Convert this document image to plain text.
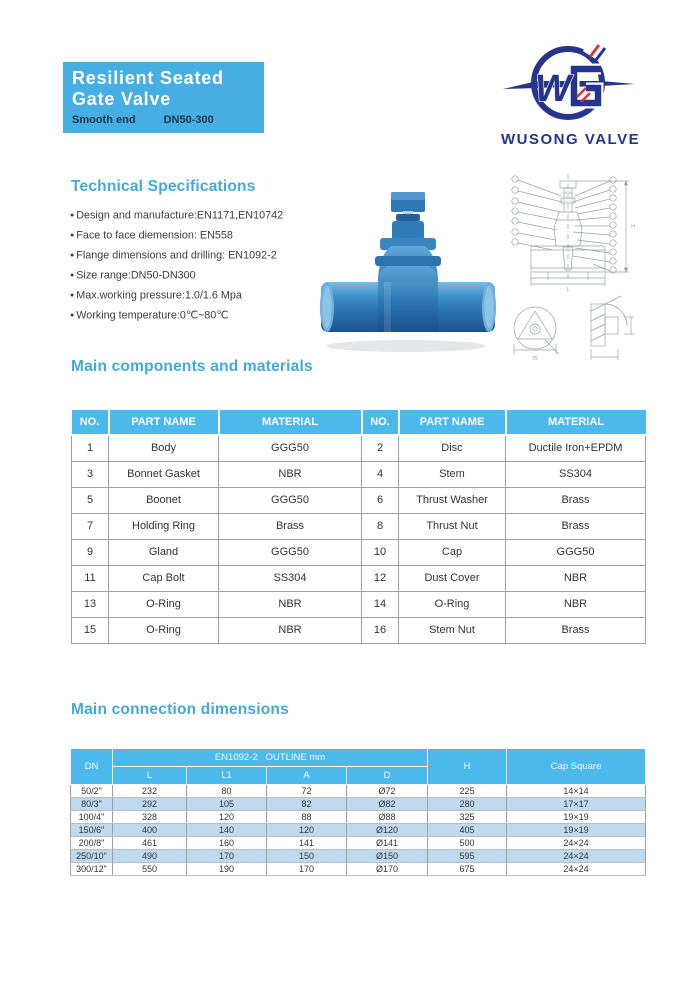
Resilient Seated
Gate Valve
Smooth end	DN50-300
W
WUSONG VALVE
Technical Specifications
● Design and manufacture:EN1171,EN10742
● Face to face diemension: EN558
● Flange dimensions and drilling: EN1092-2
● Size range:DN50-DN300
● Max.working pressure:1.0/1.6 Mpa
● Working temperature:0℃~80℃
L
H
75
Main components and materials
NO.	PART NAME	MATERIAL	NO.	PART NAME	MATERIAL
1	Body	GGG50	2	Disc	Ductile Iron+EPDM
3	Bonnet Gasket	NBR	4	Stem	SS304
5	Boonet	GGG50	6	Thrust Washer	Brass
7	Holding Ring	Brass	8	Thrust Nut	Brass
9	Gland	GGG50	10	Cap	GGG50
11	Cap Bolt	SS304	12	Dust Cover	NBR
13	O-Ring	NBR	14	O-Ring	NBR
15	O-Ring	NBR	16	Stem Nut	Brass
Main connection dimensions
DN	EN1092-2   OUTLINE mm				H	Cap Square
	L	L1	A	D		
50/2"	232	80	72	Ø72	225	14×14
80/3"	292	105	82	Ø82	280	17×17
100/4"	328	120	88	Ø88	325	19×19
150/6"	400	140	120	Ø120	405	19×19
200/8"	461	160	141	Ø141	500	24×24
250/10"	490	170	150	Ø150	595	24×24
300/12"	550	190	170	Ø170	675	24×24
